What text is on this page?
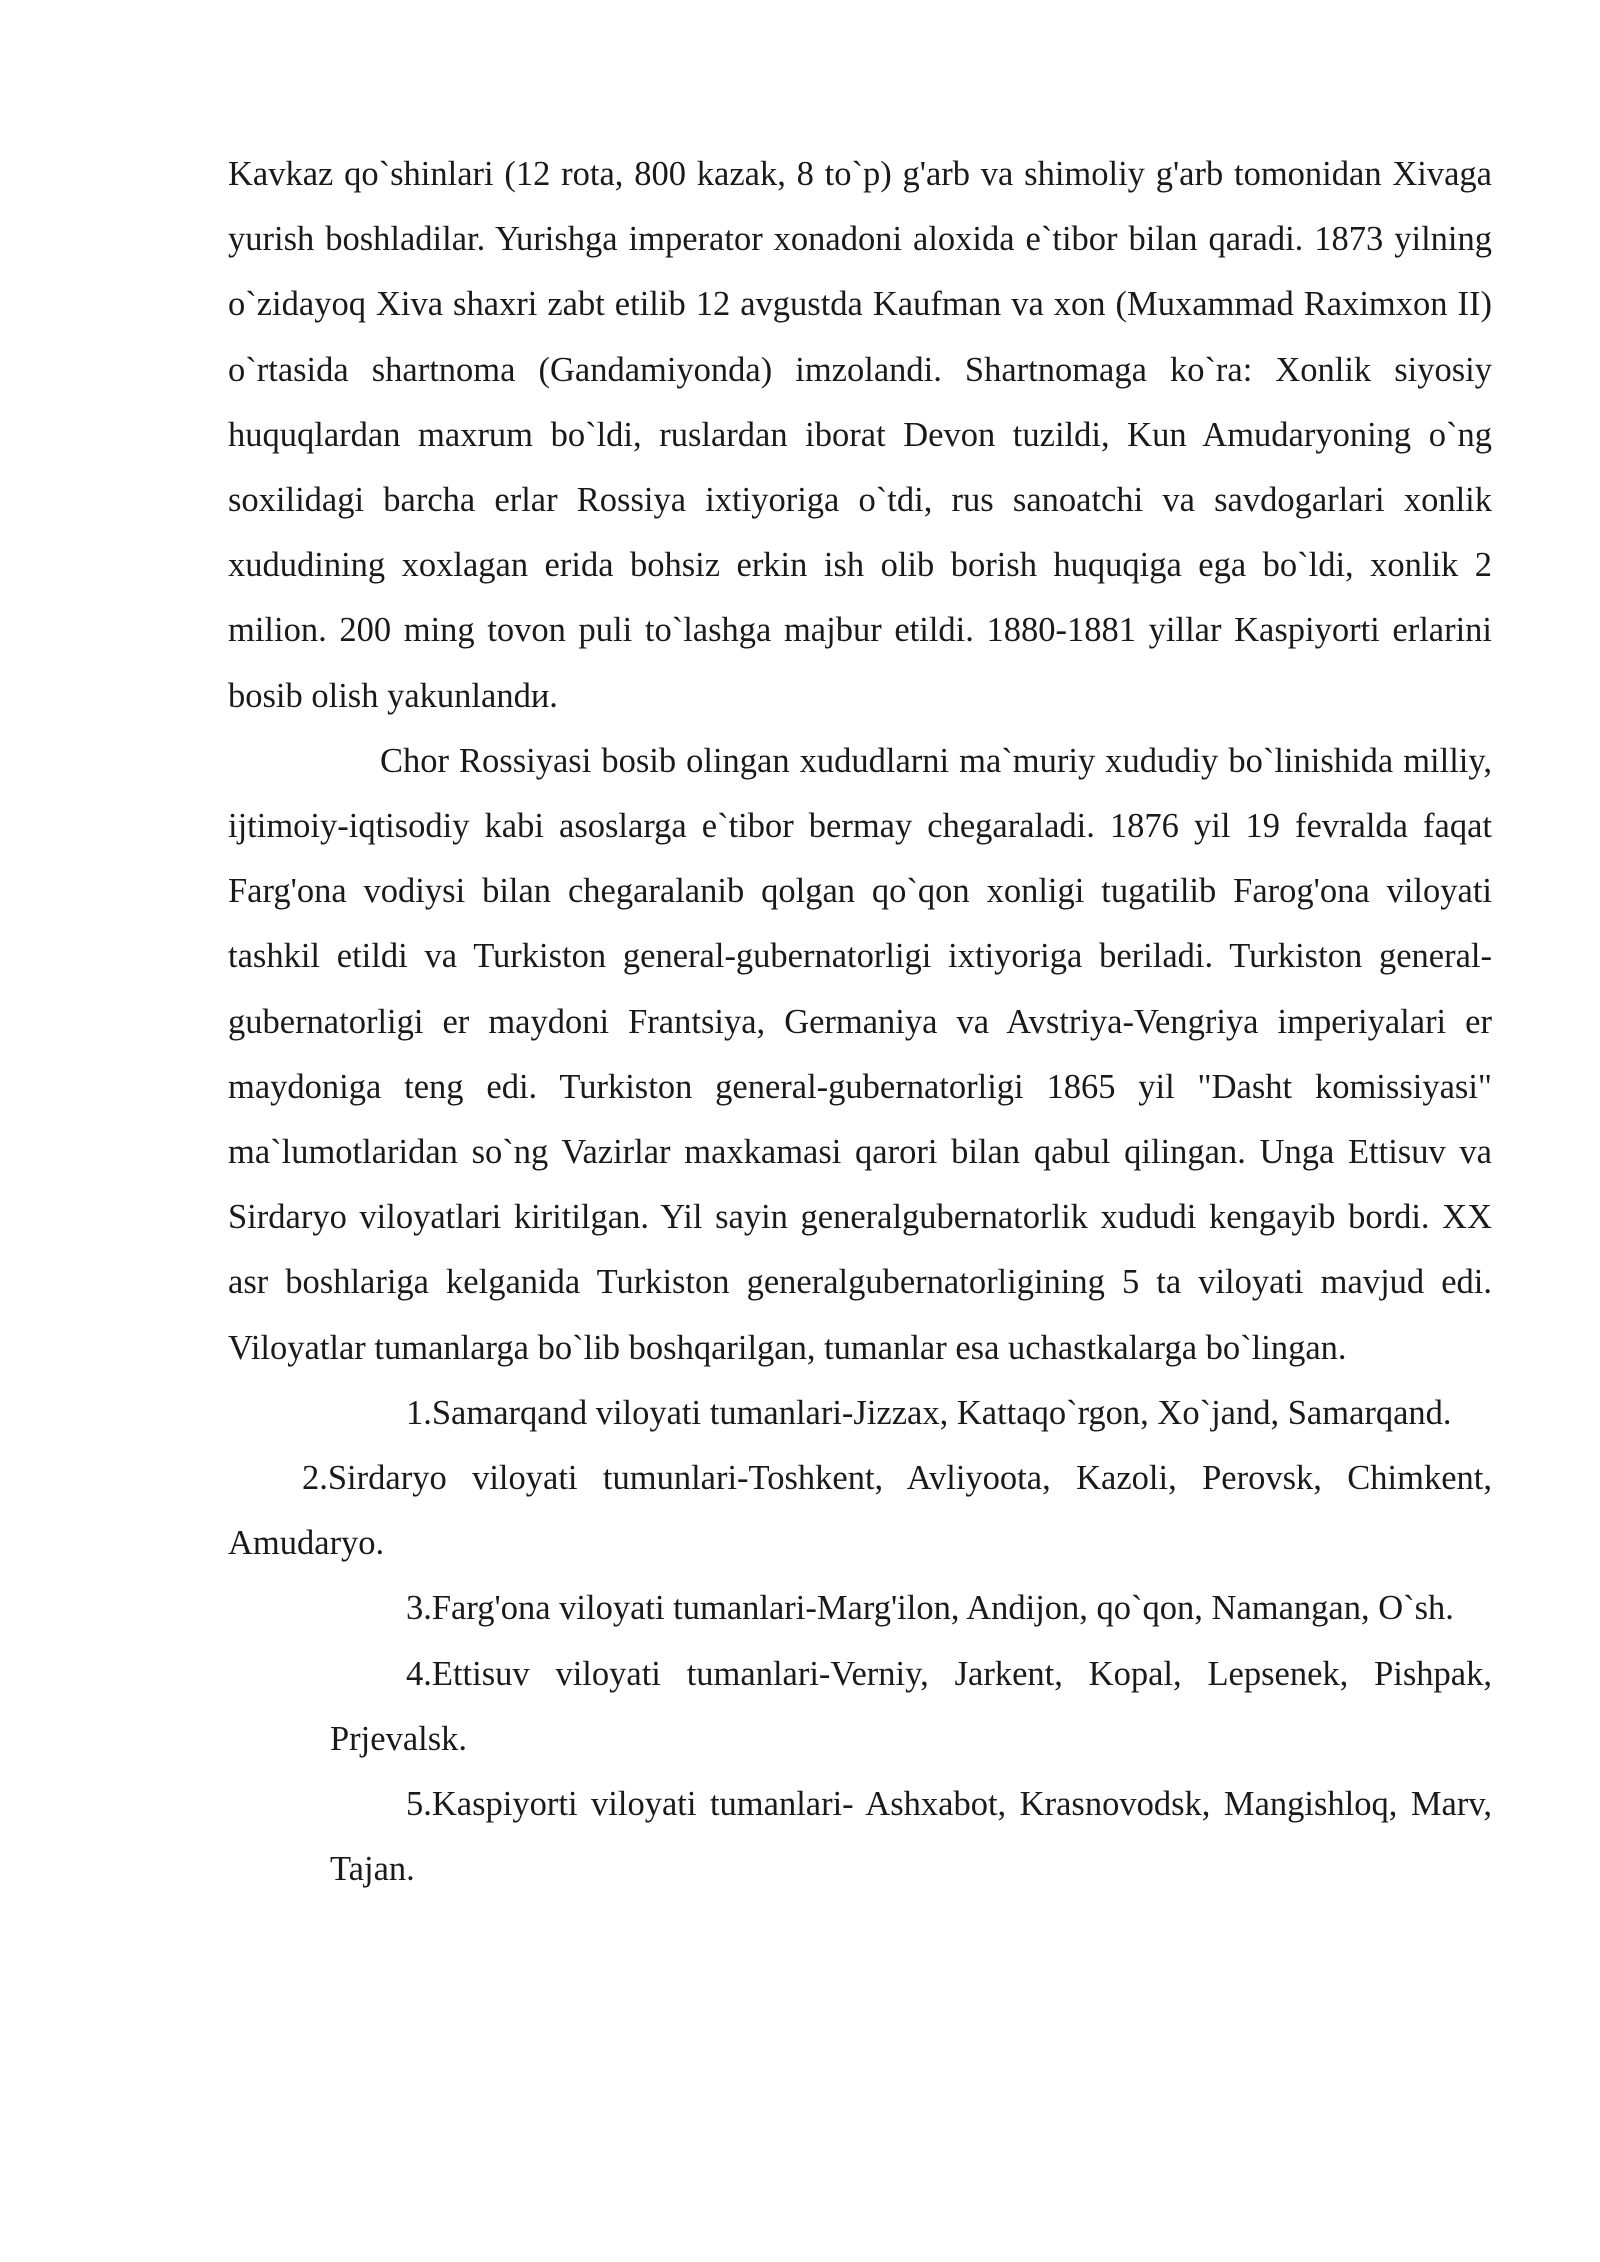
Kavkaz qo`shinlari (12 rota, 800 kazak, 8 to`p) g'arb va shimoliy g'arb tomonidan Xivaga yurish boshladilar. Yurishga imperator xonadoni aloxida e`tibor bilan qaradi. 1873 yilning o`zidayoq Xiva shaxri zabt etilib 12 avgustda Kaufman va xon (Muxammad Raximxon II) o`rtasida shartnoma (Gandamiyonda) imzolandi. Shartnomaga ko`ra: Xonlik siyosiy huquqlardan maxrum bo`ldi, ruslardan iborat Devon tuzildi, Kun Amudaryoning o`ng soxilidagi barcha erlar Rossiya ixtiyoriga o`tdi, rus sanoatchi va savdogarlari xonlik xududining xoxlagan erida bohsiz erkin ish olib borish huquqiga ega bo`ldi, xonlik 2 milion. 200 ming tovon puli to`lashga majbur etildi. 1880-1881 yillar Kaspiyorti erlarini bosib olish yakunlandи.

Chor Rossiyasi bosib olingan xududlarni ma`muriy xududiy bo`linishida milliy, ijtimoiy-iqtisodiy kabi asoslarga e`tibor bermay chegaraladi. 1876 yil 19 fevralda faqat Farg'ona vodiysi bilan chegaralanib qolgan qo`qon xonligi tugatilib Farog'ona viloyati tashkil etildi va Turkiston general-gubernatorligi ixtiyoriga beriladi. Turkiston general-gubernatorligi er maydoni Frantsiya, Germaniya va Avstriya-Vengriya imperiyalari er maydoniga teng edi. Turkiston general-gubernatorligi 1865 yil "Dasht komissiyasi" ma`lumotlaridan so`ng Vazirlar maxkamasi qarori bilan qabul qilingan. Unga Ettisuv va Sirdaryo viloyatlari kiritilgan. Yil sayin generalgubernatorlik xududi kengayib bordi. XX asr boshlariga kelganida Turkiston generalgubernatorligining 5 ta viloyati mavjud edi. Viloyatlar tumanlarga bo`lib boshqarilgan, tumanlar esa uchastkalarga bo`lingan.

1.Samarqand viloyati tumanlari-Jizzax, Kattaqo`rgon, Xo`jand, Samarqand.

2.Sirdaryo viloyati tumunlari-Toshkent, Avliyoota, Kazoli, Perovsk, Chimkent, Amudaryo.

3.Farg'ona viloyati tumanlari-Marg'ilon, Andijon, qo`qon, Namangan, O`sh.

4.Ettisuv viloyati tumanlari-Verniy, Jarkent, Kopal, Lepsenek, Pishpak, Prjevalsk.

5.Kaspiyorti viloyati tumanlari- Ashxabot, Krasnovodsk, Mangishloq, Marv, Tajan.
